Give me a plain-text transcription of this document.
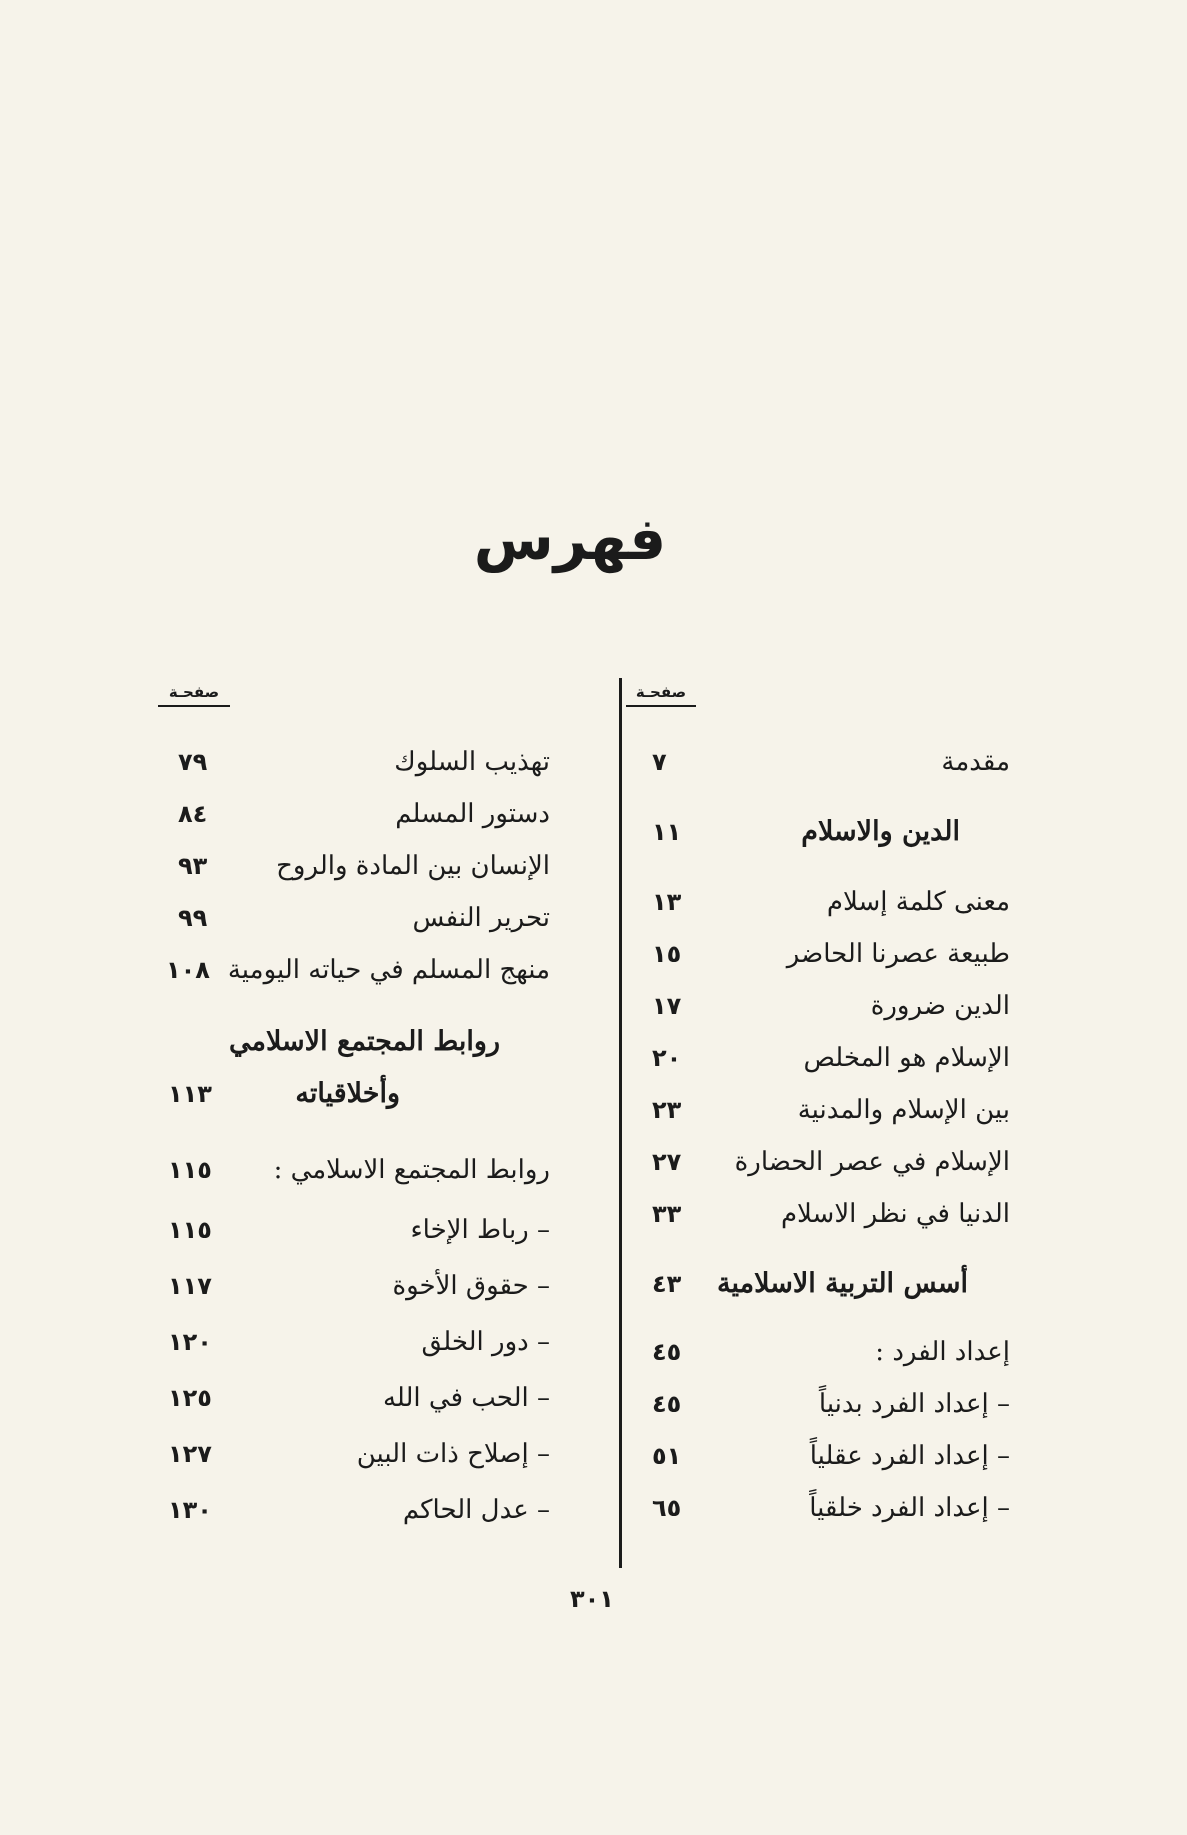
فهرس
صفحـة
مقدمة
٧
الدين والاسلام
١١
معنى كلمة إسلام
١٣
طبيعة عصرنا الحاضر
١٥
الدين ضرورة
١٧
الإسلام هو المخلص
٢٠
بين الإسلام والمدنية
٢٣
الإسلام في عصر الحضارة
٢٧
الدنيا في نظر الاسلام
٣٣
أسس التربية الاسلامية
٤٣
إعداد الفرد :
٤٥
– إعداد الفرد بدنياً
٤٥
– إعداد الفرد عقلياً
٥١
– إعداد الفرد خلقياً
٦٥
صفحـة
تهذيب السلوك
٧٩
دستور المسلم
٨٤
الإنسان بين المادة والروح
٩٣
تحرير النفس
٩٩
منهج المسلم في حياته اليومية
١٠٨
روابط المجتمع الاسلامي
وأخلاقياته
١١٣
روابط المجتمع الاسلامي :
١١٥
– رباط الإخاء
١١٥
– حقوق الأخوة
١١٧
– دور الخلق
١٢٠
– الحب في الله
١٢٥
– إصلاح ذات البين
١٢٧
– عدل الحاكم
١٣٠
٣٠١
